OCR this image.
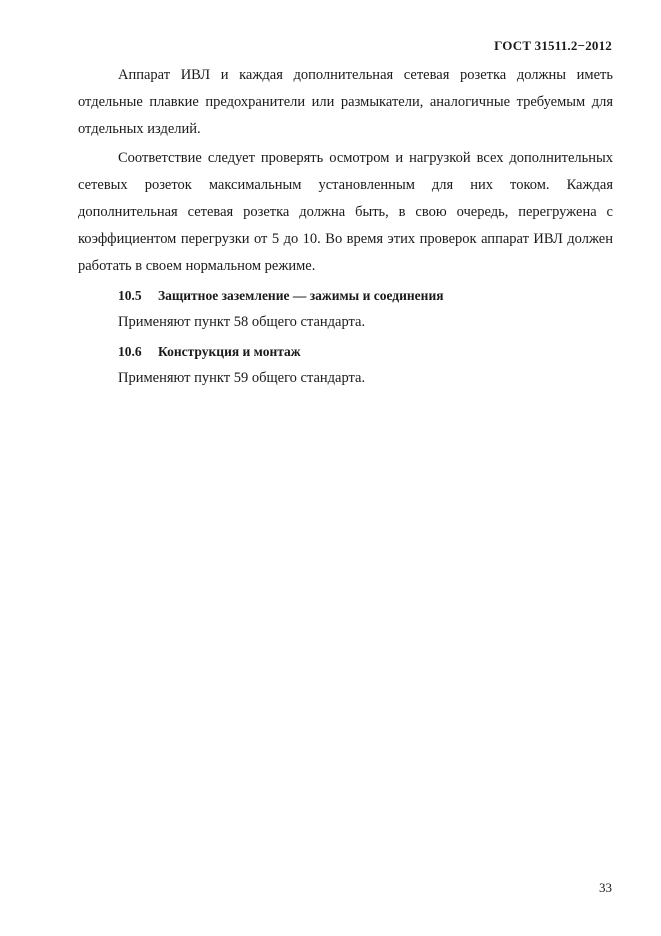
ГОСТ 31511.2−2012

Аппарат ИВЛ и каждая дополнительная сетевая розетка должны иметь отдельные плавкие предохранители или размыкатели, аналогичные требуемым для отдельных изделий.

Соответствие следует проверять осмотром и нагрузкой всех дополнительных сетевых розеток максимальным установленным для них током. Каждая дополнительная сетевая розетка должна быть, в свою очередь, перегружена с коэффициентом перегрузки от 5 до 10. Во время этих проверок аппарат ИВЛ должен работать в своем нормальном режиме.

10.5 Защитное заземление — зажимы и соединения

Применяют пункт 58 общего стандарта.

10.6 Конструкция и монтаж

Применяют пункт 59 общего стандарта.

33
